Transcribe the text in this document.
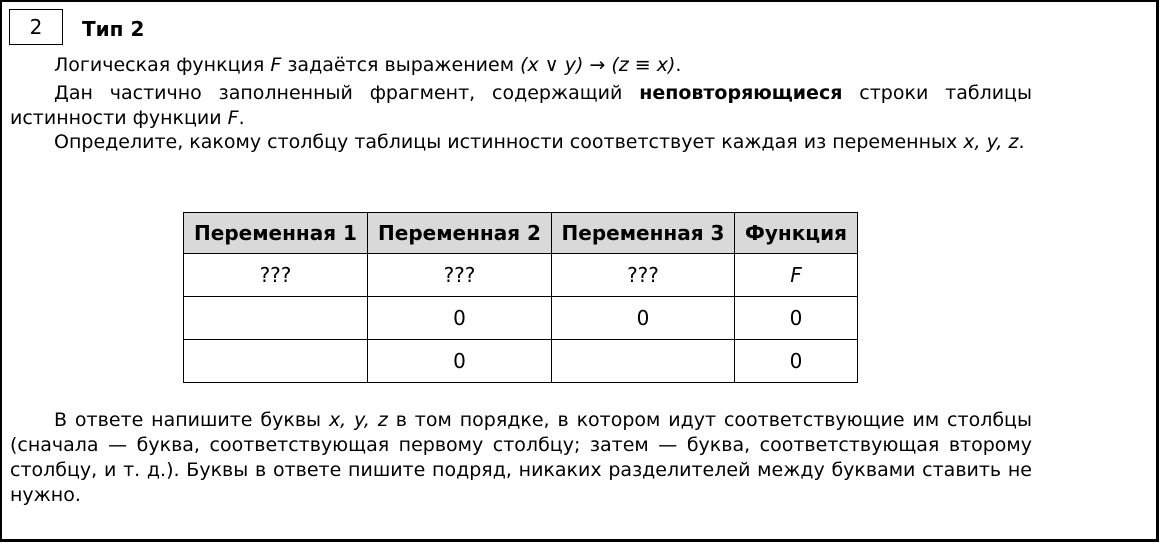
2	Тип 2
Логическая функция F задаётся выражением (x ∨ y) → (z ≡ x).
Дан частично заполненный фрагмент, содержащий неповторяющиеся строки таблицы истинности функции F.
Определите, какому столбцу таблицы истинности соответствует каждая из переменных x, y, z.
Переменная 1	Переменная 2	Переменная 3	Функция
???	???	???	F
	0	0	0
	0		0
В ответе напишите буквы x, y, z в том порядке, в котором идут соответствующие им столбцы (сначала — буква, соответствующая первому столбцу; затем — буква, соответствующая второму столбцу, и т. д.). Буквы в ответе пишите подряд, никаких разделителей между буквами ставить не нужно.
